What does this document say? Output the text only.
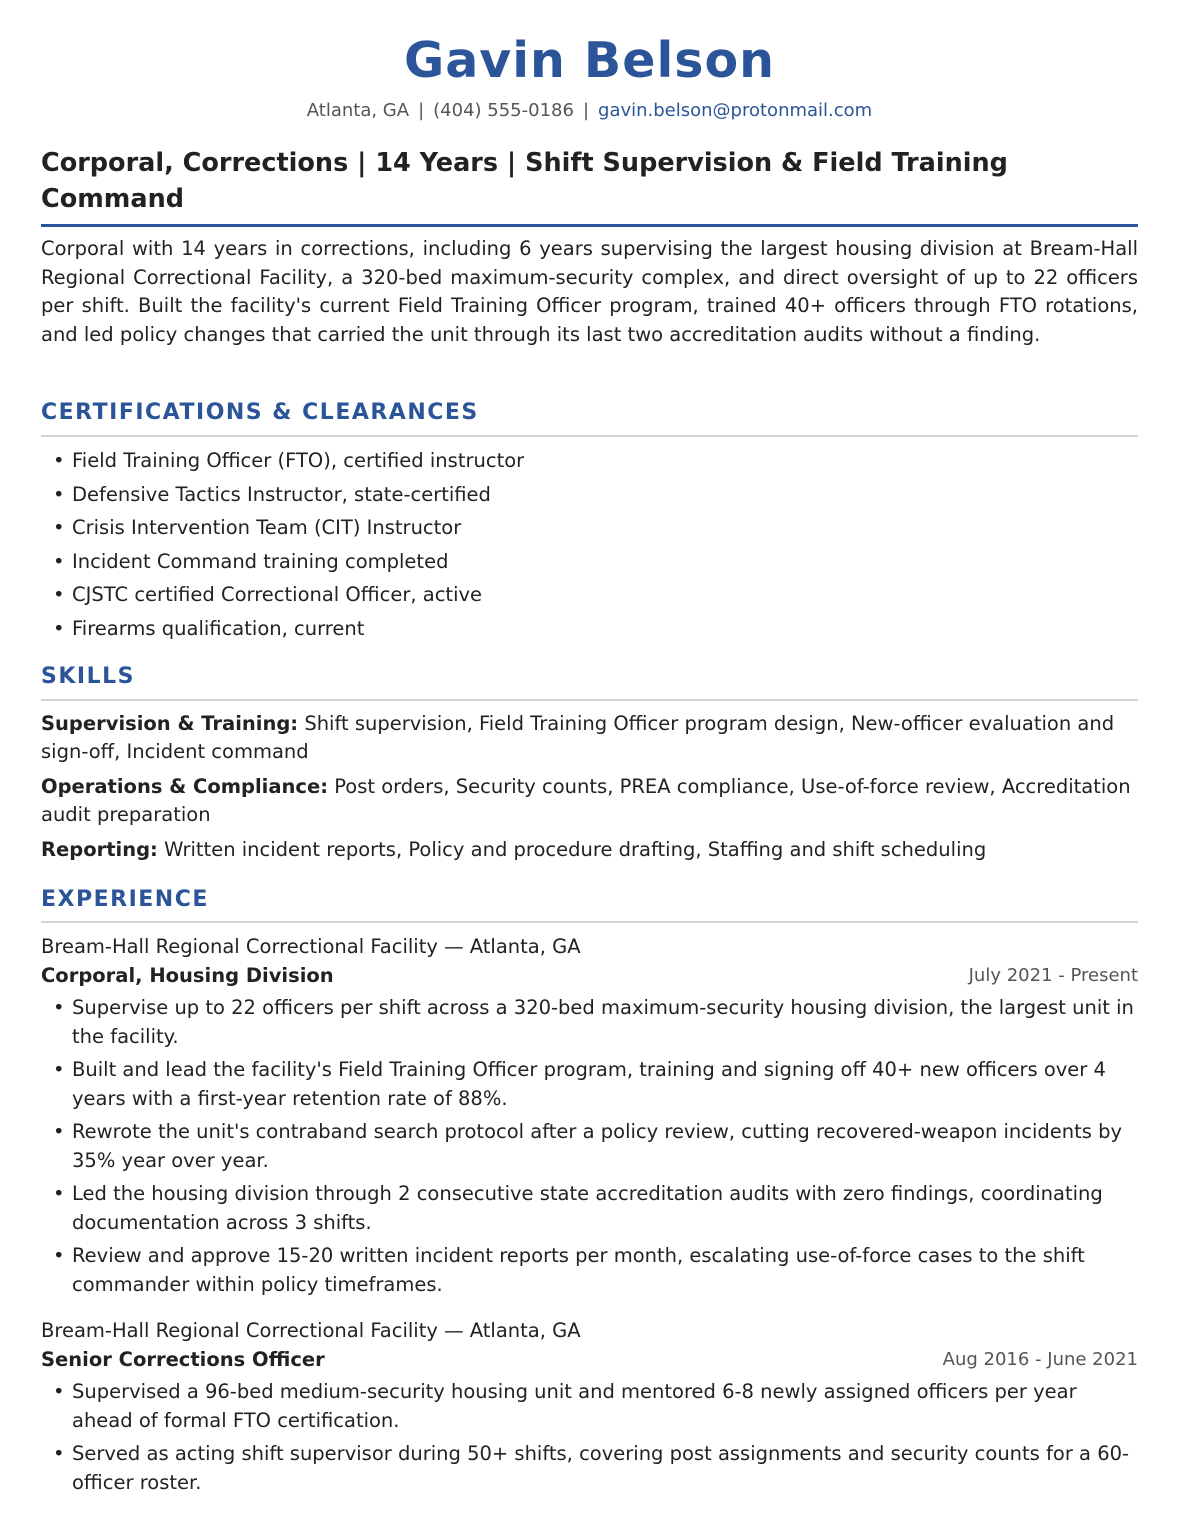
Gavin Belson
Atlanta, GA | (404) 555-0186 | gavin.belson@protonmail.com
Corporal, Corrections | 14 Years | Shift Supervision & Field Training Command
Corporal with 14 years in corrections, including 6 years supervising the largest housing division at Bream-Hall Regional Correctional Facility, a 320-bed maximum-security complex, and direct oversight of up to 22 officers per shift. Built the facility's current Field Training Officer program, trained 40+ officers through FTO rotations, and led policy changes that carried the unit through its last two accreditation audits without a finding.
CERTIFICATIONS & CLEARANCES
• Field Training Officer (FTO), certified instructor
• Defensive Tactics Instructor, state-certified
• Crisis Intervention Team (CIT) Instructor
• Incident Command training completed
• CJSTC certified Correctional Officer, active
• Firearms qualification, current
SKILLS
Supervision & Training: Shift supervision, Field Training Officer program design, New-officer evaluation and sign-off, Incident command
Operations & Compliance: Post orders, Security counts, PREA compliance, Use-of-force review, Accreditation audit preparation
Reporting: Written incident reports, Policy and procedure drafting, Staffing and shift scheduling
EXPERIENCE
Bream-Hall Regional Correctional Facility — Atlanta, GA
Corporal, Housing Division	July 2021 - Present
• Supervise up to 22 officers per shift across a 320-bed maximum-security housing division, the largest unit in the facility.
• Built and lead the facility's Field Training Officer program, training and signing off 40+ new officers over 4 years with a first-year retention rate of 88%.
• Rewrote the unit's contraband search protocol after a policy review, cutting recovered-weapon incidents by 35% year over year.
• Led the housing division through 2 consecutive state accreditation audits with zero findings, coordinating documentation across 3 shifts.
• Review and approve 15-20 written incident reports per month, escalating use-of-force cases to the shift commander within policy timeframes.
Bream-Hall Regional Correctional Facility — Atlanta, GA
Senior Corrections Officer	Aug 2016 - June 2021
• Supervised a 96-bed medium-security housing unit and mentored 6-8 newly assigned officers per year ahead of formal FTO certification.
• Served as acting shift supervisor during 50+ shifts, covering post assignments and security counts for a 60-officer roster.
